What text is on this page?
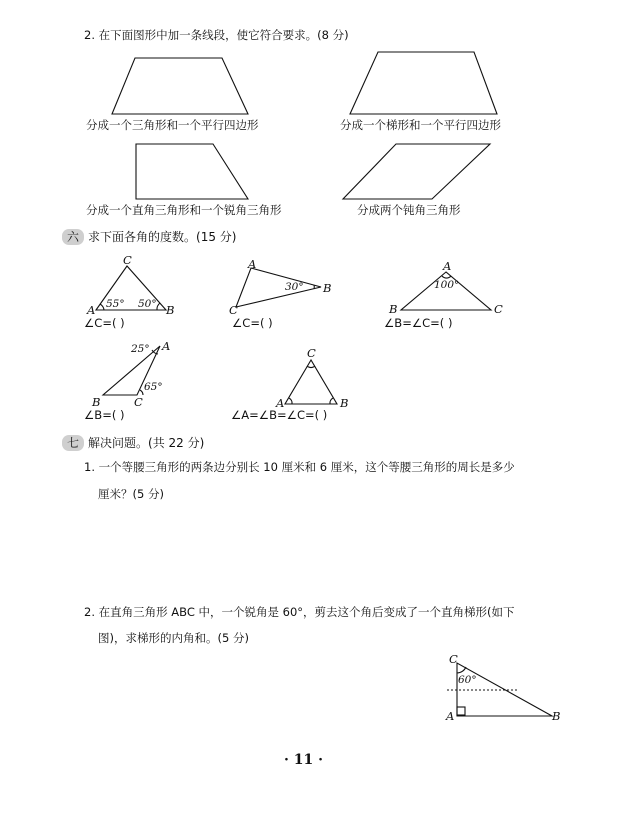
2. 在下面图形中加一条线段，使它符合要求。(8 分)
分成一个三角形和一个平行四边形	分成一个梯形和一个平行四边形
分成一个直角三角形和一个锐角三角形	分成两个钝角三角形
六 求下面各角的度数。(15 分)
C
A	B
55° 50°
∠C=( )
A
B
C
30°
∠C=( )
A
B	C
100°
∠B=∠C=( )
A
B	C
25°
65°
∠B=( )
C
A	B
∠A=∠B=∠C=( )
七 解决问题。(共 22 分)
1. 一个等腰三角形的两条边分别长 10 厘米和 6 厘米，这个等腰三角形的周长是多少
厘米？(5 分)
2. 在直角三角形 ABC 中，一个锐角是 60°，剪去这个角后变成了一个直角梯形(如下
图)，求梯形的内角和。(5 分)
C
A	B
60°
· 11 ·
